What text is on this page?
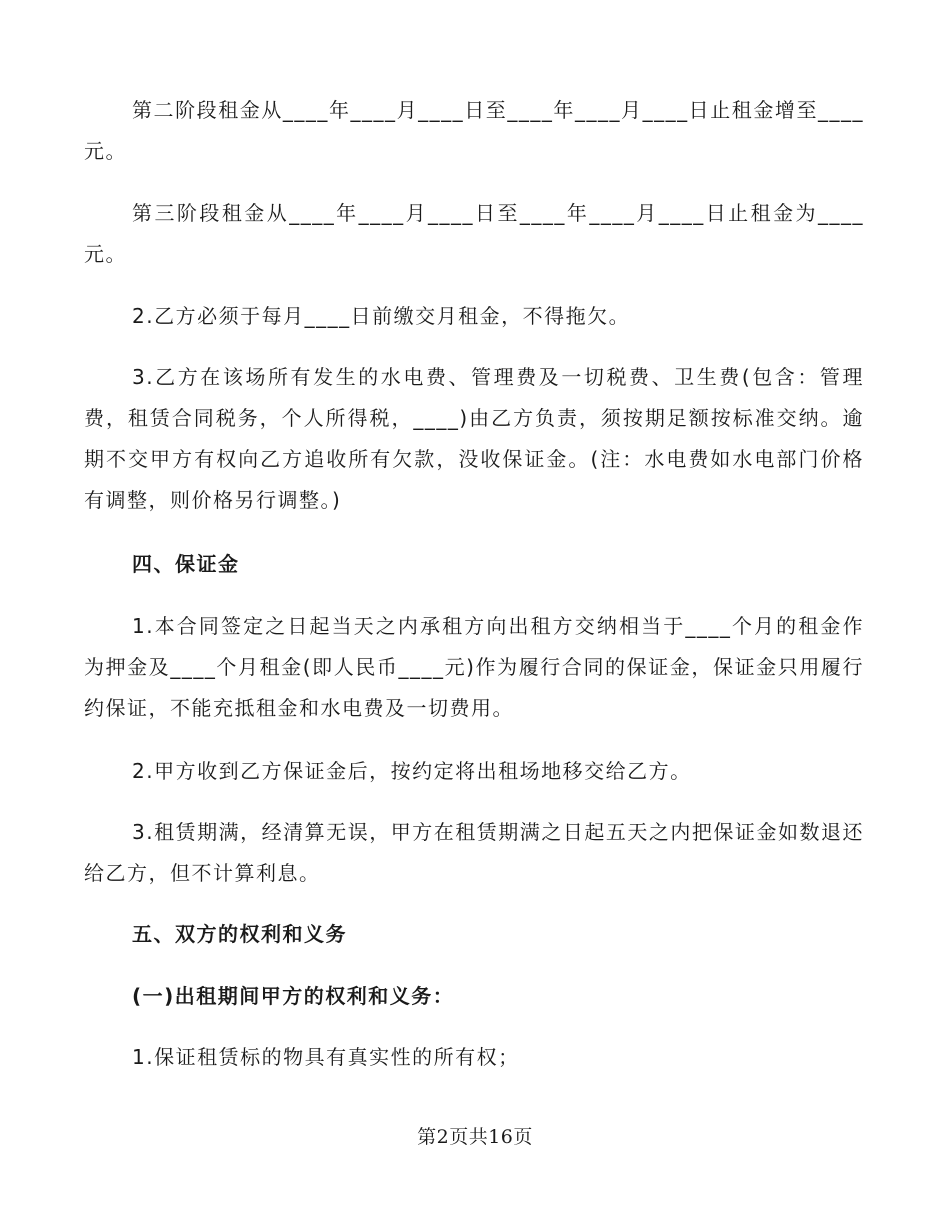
第二阶段租金从____年____月____日至____年____月____日止租金增至____元。

第三阶段租金从____年____月____日至____年____月____日止租金为____元。

2.乙方必须于每月____日前缴交月租金，不得拖欠。

3.乙方在该场所有发生的水电费、管理费及一切税费、卫生费(包含：管理费，租赁合同税务，个人所得税，____)由乙方负责，须按期足额按标准交纳。逾期不交甲方有权向乙方追收所有欠款，没收保证金。(注：水电费如水电部门价格有调整，则价格另行调整。)

四、保证金

1.本合同签定之日起当天之内承租方向出租方交纳相当于____个月的租金作为押金及____个月租金(即人民币____元)作为履行合同的保证金，保证金只用履行约保证，不能充抵租金和水电费及一切费用。

2.甲方收到乙方保证金后，按约定将出租场地移交给乙方。

3.租赁期满，经清算无误，甲方在租赁期满之日起五天之内把保证金如数退还给乙方，但不计算利息。

五、双方的权利和义务

(一)出租期间甲方的权利和义务：

1.保证租赁标的物具有真实性的所有权；

第2页共16页
